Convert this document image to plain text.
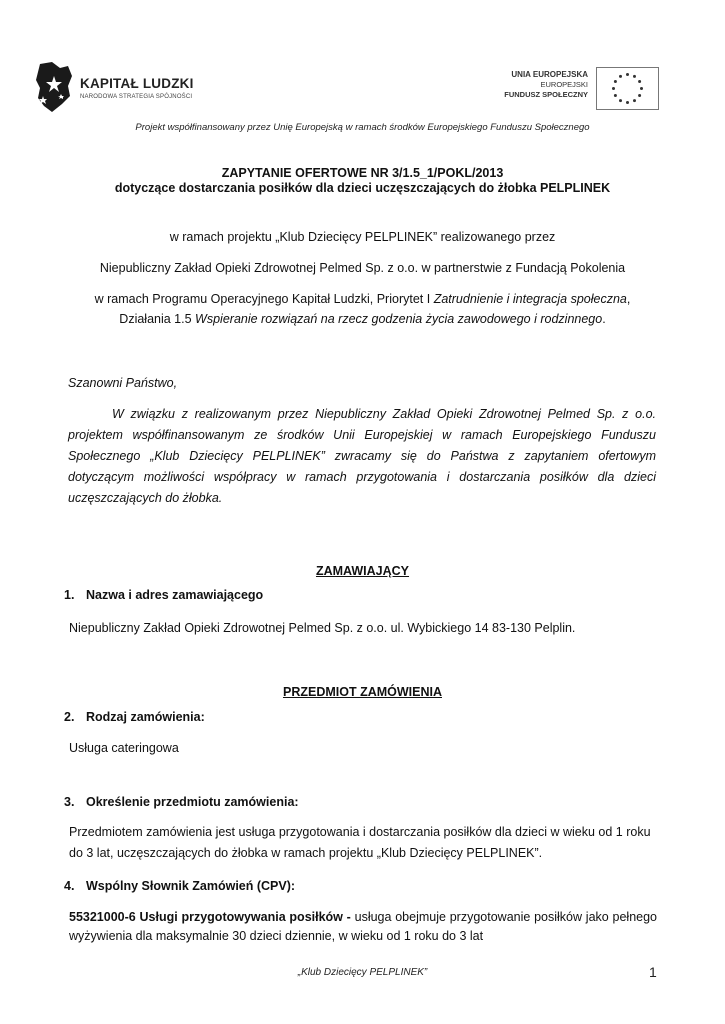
KAPITAŁ LUDZKI
NARODOWA STRATEGIA SPÓJNOŚCI
UNIA EUROPEJSKA
EUROPEJSKI
FUNDUSZ SPOŁECZNY
Projekt współfinansowany przez Unię Europejską w ramach środków Europejskiego Funduszu Społecznego
ZAPYTANIE OFERTOWE NR 3/1.5_1/POKL/2013
dotyczące dostarczania posiłków dla dzieci uczęszczających do żłobka PELPLINEK
w ramach projektu „Klub Dziecięcy PELPLINEK” realizowanego przez
Niepubliczny Zakład Opieki Zdrowotnej Pelmed Sp. z o.o. w partnerstwie z Fundacją Pokolenia
w ramach Programu Operacyjnego Kapitał Ludzki, Priorytet I Zatrudnienie i integracja społeczna,
Działania 1.5 Wspieranie rozwiązań na rzecz godzenia życia zawodowego i rodzinnego.
Szanowni Państwo,
W związku z realizowanym przez Niepubliczny Zakład Opieki Zdrowotnej Pelmed Sp. z o.o. projektem współfinansowanym ze środków Unii Europejskiej w ramach Europejskiego Funduszu Społecznego „Klub Dziecięcy PELPLINEK” zwracamy się do Państwa z zapytaniem ofertowym dotyczącym możliwości współpracy w ramach przygotowania i dostarczania posiłków dla dzieci uczęszczających do żłobka.
ZAMAWIAJĄCY
1. Nazwa i adres zamawiającego
Niepubliczny Zakład Opieki Zdrowotnej Pelmed Sp. z o.o. ul. Wybickiego 14 83-130 Pelplin.
PRZEDMIOT ZAMÓWIENIA
2. Rodzaj zamówienia:
Usługa cateringowa
3. Określenie przedmiotu zamówienia:
Przedmiotem zamówienia jest usługa przygotowania i dostarczania posiłków dla dzieci w wieku od 1 roku do 3 lat, uczęszczających do żłobka w ramach projektu „Klub Dziecięcy PELPLINEK”.
4. Wspólny Słownik Zamówień (CPV):
55321000-6 Usługi przygotowywania posiłków - usługa obejmuje przygotowanie posiłków jako pełnego wyżywienia dla maksymalnie 30 dzieci dziennie, w wieku od 1 roku do 3 lat
„Klub Dziecięcy PELPLINEK”	1
